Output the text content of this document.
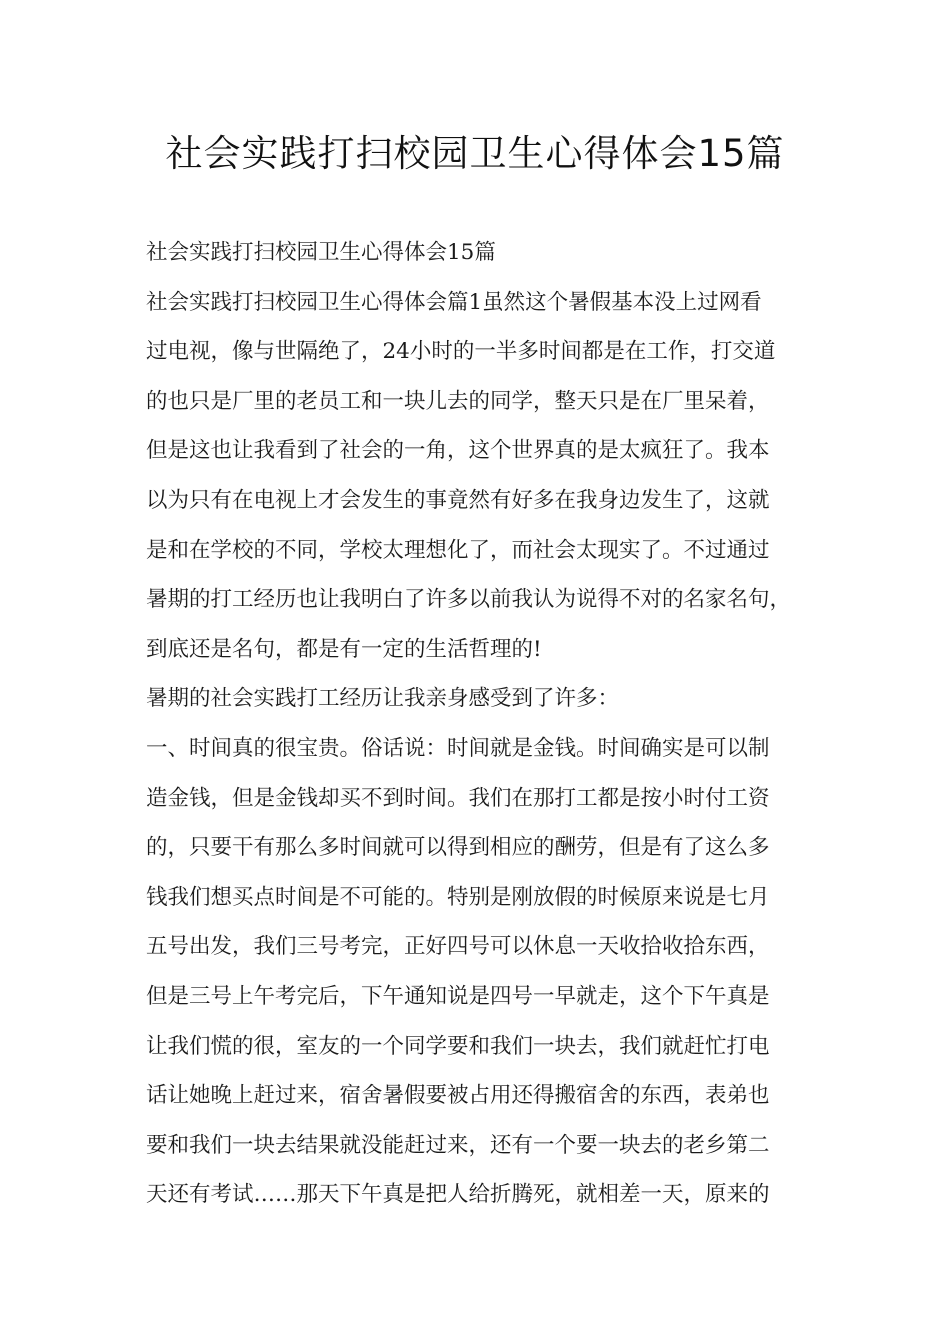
社会实践打扫校园卫生心得体会15篇
社会实践打扫校园卫生心得体会15篇
社会实践打扫校园卫生心得体会篇1虽然这个暑假基本没上过网看
过电视，像与世隔绝了，24小时的一半多时间都是在工作，打交道
的也只是厂里的老员工和一块儿去的同学，整天只是在厂里呆着，
但是这也让我看到了社会的一角，这个世界真的是太疯狂了。我本
以为只有在电视上才会发生的事竟然有好多在我身边发生了，这就
是和在学校的不同，学校太理想化了，而社会太现实了。不过通过
暑期的打工经历也让我明白了许多以前我认为说得不对的名家名句，
到底还是名句，都是有一定的生活哲理的!
暑期的社会实践打工经历让我亲身感受到了许多：
一、时间真的很宝贵。俗话说：时间就是金钱。时间确实是可以制
造金钱，但是金钱却买不到时间。我们在那打工都是按小时付工资
的，只要干有那么多时间就可以得到相应的酬劳，但是有了这么多
钱我们想买点时间是不可能的。特别是刚放假的时候原来说是七月
五号出发，我们三号考完，正好四号可以休息一天收拾收拾东西，
但是三号上午考完后，下午通知说是四号一早就走，这个下午真是
让我们慌的很，室友的一个同学要和我们一块去，我们就赶忙打电
话让她晚上赶过来，宿舍暑假要被占用还得搬宿舍的东西，表弟也
要和我们一块去结果就没能赶过来，还有一个要一块去的老乡第二
天还有考试……那天下午真是把人给折腾死，就相差一天，原来的
